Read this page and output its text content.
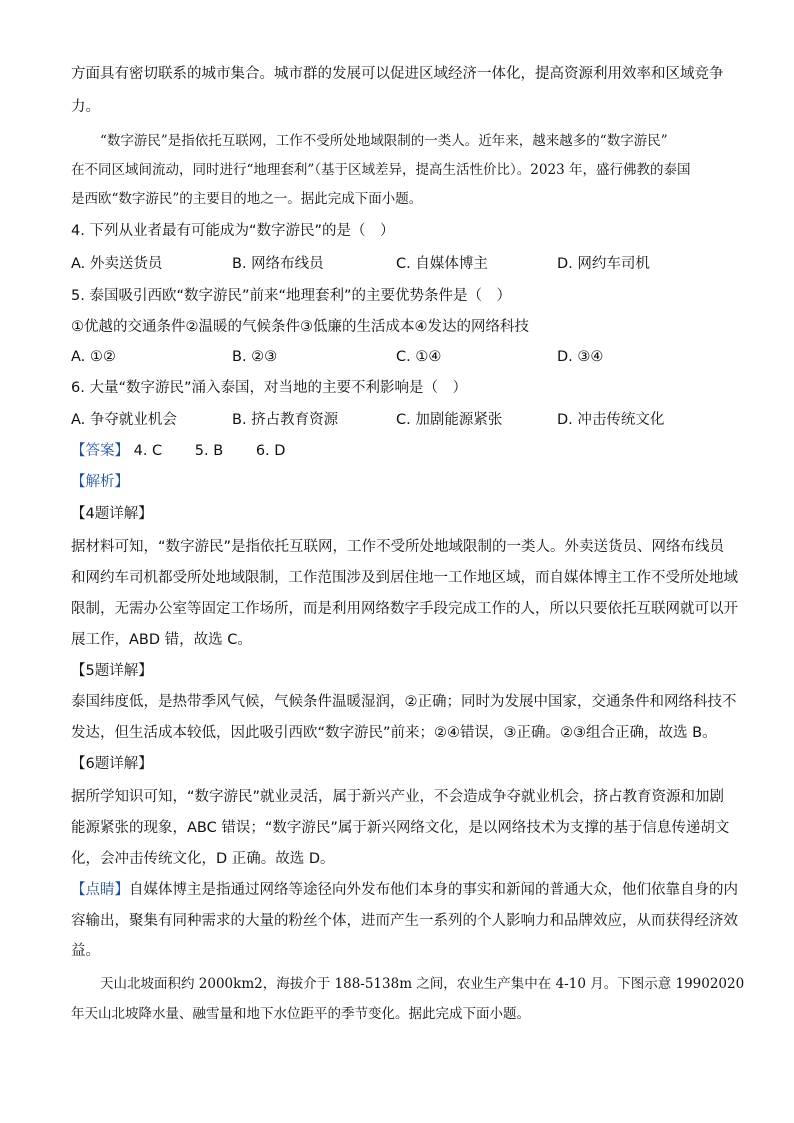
方面具有密切联系的城市集合。城市群的发展可以促进区域经济一体化，提高资源利用效率和区域竞争
力。
“数字游民”是指依托互联网，工作不受所处地域限制的一类人。近年来，越来越多的“数字游民”
在不同区域间流动，同时进行“地理套利”（基于区域差异，提高生活性价比）。2023 年，盛行佛教的泰国
是西欧“数字游民”的主要目的地之一。据此完成下面小题。
4. 下列从业者最有可能成为“数字游民”的是（　）
A. 外卖送货员	B. 网络布线员	C. 自媒体博主	D. 网约车司机
5. 泰国吸引西欧“数字游民”前来“地理套利”的主要优势条件是（　）
①优越的交通条件②温暖的气候条件③低廉的生活成本④发达的网络科技
A. ①②	B. ②③	C. ①④	D. ③④
6. 大量“数字游民”涌入泰国，对当地的主要不利影响是（　）
A. 争夺就业机会	B. 挤占教育资源	C. 加剧能源紧张	D. 冲击传统文化
【答案】 4. C 5. B 6. D
【解析】
【4题详解】
据材料可知，“数字游民”是指依托互联网，工作不受所处地域限制的一类人。外卖送货员、网络布线员
和网约车司机都受所处地域限制，工作范围涉及到居住地一工作地区域，而自媒体博主工作不受所处地域
限制，无需办公室等固定工作场所，而是利用网络数字手段完成工作的人，所以只要依托互联网就可以开
展工作，ABD 错，故选 C。
【5题详解】
泰国纬度低，是热带季风气候，气候条件温暖湿润，②正确；同时为发展中国家，交通条件和网络科技不
发达，但生活成本较低，因此吸引西欧“数字游民”前来；②④错误，③正确。②③组合正确，故选 B。
【6题详解】
据所学知识可知，“数字游民”就业灵活，属于新兴产业，不会造成争夺就业机会，挤占教育资源和加剧
能源紧张的现象，ABC 错误；“数字游民”属于新兴网络文化，是以网络技术为支撑的基于信息传递胡文
化，会冲击传统文化，D 正确。故选 D。
【点睛】自媒体博主是指通过网络等途径向外发布他们本身的事实和新闻的普通大众，他们依靠自身的内
容输出，聚集有同种需求的大量的粉丝个体，进而产生一系列的个人影响力和品牌效应，从而获得经济效
益。
天山北坡面积约 2000km2，海拔介于 188-5138m 之间，农业生产集中在 4-10 月。下图示意 19902020
年天山北坡降水量、融雪量和地下水位距平的季节变化。据此完成下面小题。
